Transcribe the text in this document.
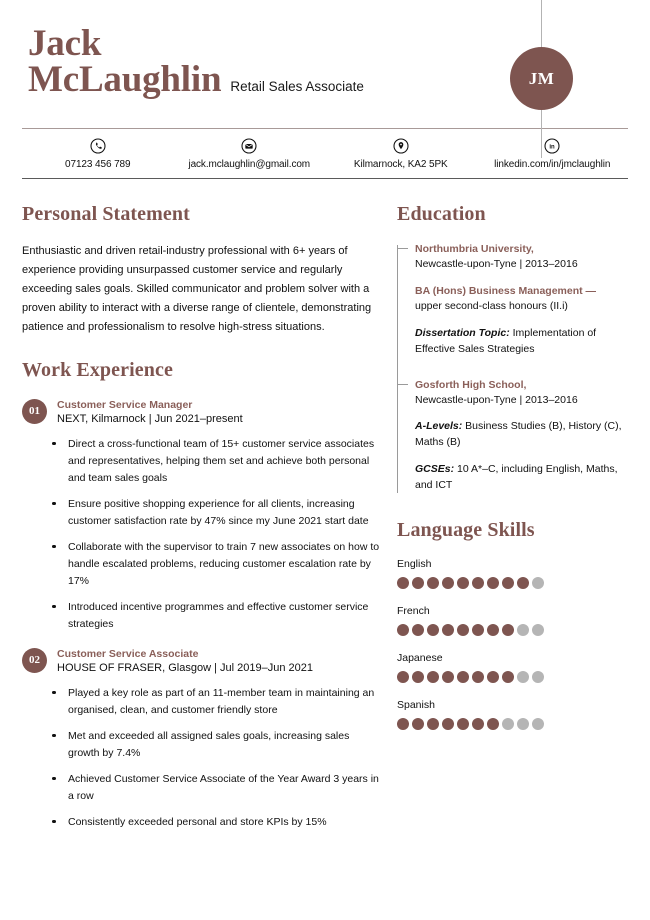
JM
Jack
McLaughlin Retail Sales Associate
07123 456 789	jack.mclaughlin@gmail.com	Kilmarnock, KA2 5PK
in
linkedin.com/in/jmclaughlin
Personal Statement

Enthusiastic and driven retail-industry professional with 6+ years of experience providing unsurpassed customer service and regularly exceeding sales goals. Skilled communicator and problem solver with a proven ability to interact with a diverse range of clientele, demonstrating patience and professionalism to resolve high-stress situations.

Work Experience
01
Customer Service Manager
NEXT, Kilmarnock | Jun 2021–present
Direct a cross-functional team of 15+ customer service associates and representatives, helping them set and achieve both personal and team sales goals
Ensure positive shopping experience for all clients, increasing customer satisfaction rate by 47% since my June 2021 start date
Collaborate with the supervisor to train 7 new associates on how to handle escalated problems, reducing customer escalation rate by 17%
Introduced incentive programmes and effective customer service strategies
02
Customer Service Associate
HOUSE OF FRASER, Glasgow | Jul 2019–Jun 2021
Played a key role as part of an 11-member team in maintaining an organised, clean, and customer friendly store
Met and exceeded all assigned sales goals, increasing sales growth by 7.4%
Achieved Customer Service Associate of the Year Award 3 years in a row
Consistently exceeded personal and store KPIs by 15%
Education
Northumbria University,
Newcastle-upon-Tyne | 2013–2016
BA (Hons) Business Management —
upper second-class honours (II.i)
Dissertation Topic: Implementation of Effective Sales Strategies
Gosforth High School,
Newcastle-upon-Tyne | 2013–2016
A-Levels: Business Studies (B), History (C), Maths (B)
GCSEs: 10 A*–C, including English, Maths, and ICT
Language Skills
English
French
Japanese
Spanish
